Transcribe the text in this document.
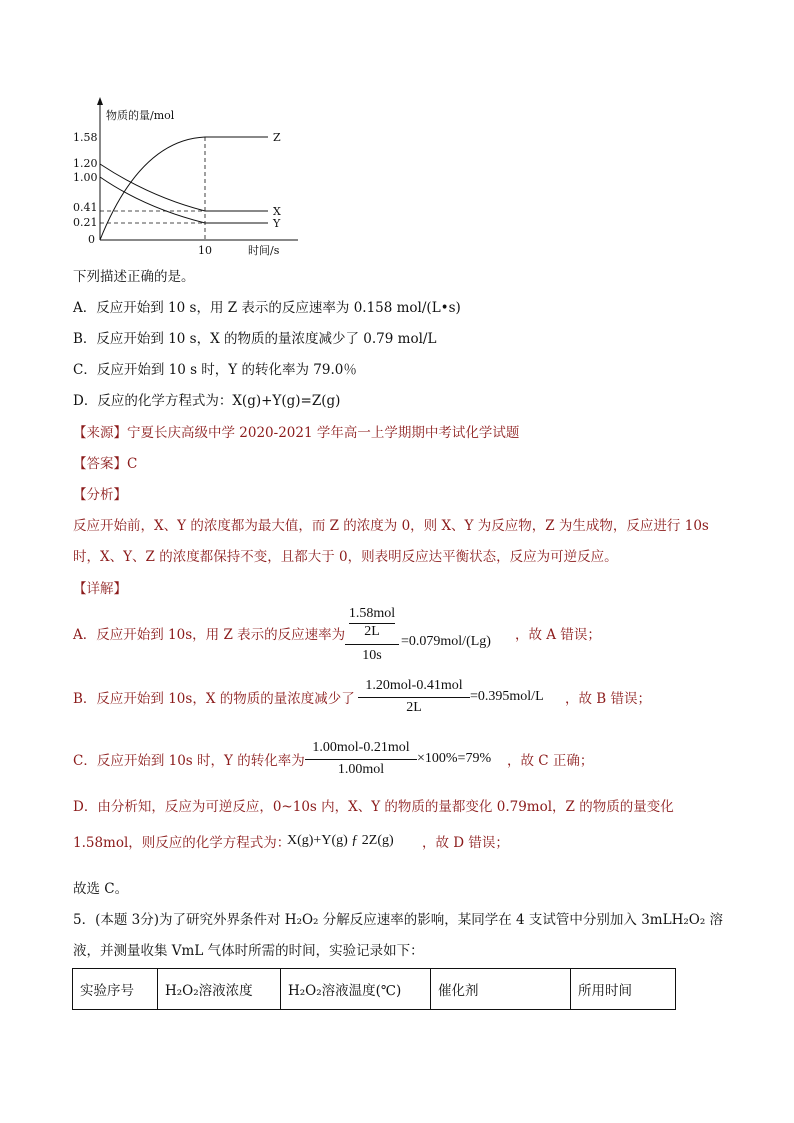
物质的量/mol
时间/s
1.58
1.20
1.00
0.41
0.21
0
10
Z
X
Y
下列描述正确的是。
A．反应开始到 10 s，用 Z 表示的反应速率为 0.158 mol/(L•s)
B．反应开始到 10 s，X 的物质的量浓度减少了 0.79 mol/L
C．反应开始到 10 s 时，Y 的转化率为 79.0％
D．反应的化学方程式为：X(g)+Y(g)=Z(g)
【来源】宁夏长庆高级中学 2020-2021 学年高一上学期期中考试化学试题
【答案】C
【分析】
反应开始前，X、Y 的浓度都为最大值，而 Z 的浓度为 0，则 X、Y 为反应物，Z 为生成物，反应进行 10s
时，X、Y、Z 的浓度都保持不变，且都大于 0，则表明反应达平衡状态，反应为可逆反应。
【详解】
A．反应开始到 10s，用 Z 表示的反应速率为
1.58mol
2L
10s
=0.079mol/(Lg) ，故 A 错误；
B．反应开始到 10s，X 的物质的量浓度减少了
1.20mol-0.41mol
2L
=0.395mol/L ，故 B 错误；
C．反应开始到 10s 时，Y 的转化率为
1.00mol-0.21mol
1.00mol
×100%=79% ，故 C 正确；
D．由分析知，反应为可逆反应，0~10s 内，X、Y 的物质的量都变化 0.79mol，Z 的物质的量变化
1.58mol，则反应的化学方程式为：
X(g)+Y(g) ƒ 2Z(g) ，故 D 错误；
故选 C。
5．(本题 3分)为了研究外界条件对 H₂O₂ 分解反应速率的影响，某同学在 4 支试管中分别加入 3mLH₂O₂ 溶
液，并测量收集 VmL 气体时所需的时间，实验记录如下：
实验序号	H₂O₂溶液浓度	H₂O₂溶液温度(℃)	催化剂	所用时间
